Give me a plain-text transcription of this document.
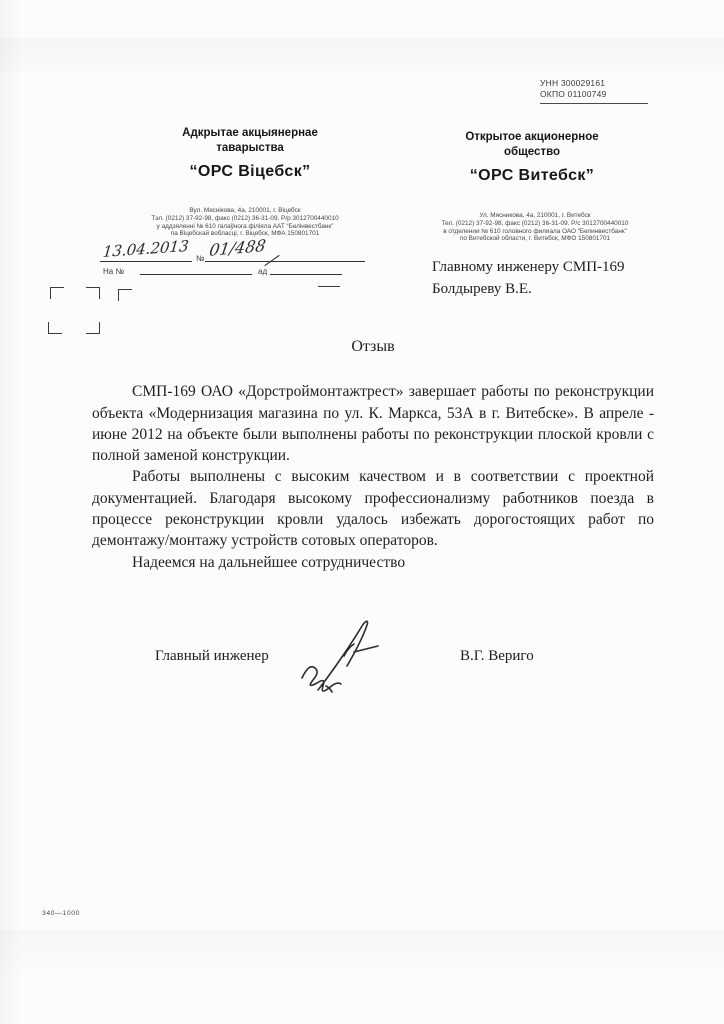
УНН 300029161
ОКПО 01100749
Адкрытае акцыянернае
таварыства
“ОРС Віцебск”
Открытое акционерное
общество
“ОРС Витебск”
Вул. Мяснікова, 4а, 210001, г. Віцебск
Тэл. (0212) 37-92-98, факс (0212) 36-31-09. Р/р 3012700440010
у аддзяленні № 610 галаўнога філіяла ААТ “Белінвестбанк”
па Віцебскай вобласці, г. Віцебск, МФА 150801701
Ул. Мясникова, 4а, 210001, г. Витебск
Тел. (0212) 37-92-98, факс (0212) 36-31-09. Р/с 3012700440010
в отделении № 610 головного филиала ОАО “Белинвестбанк”
по Витебской области, г. Витебск, МФО 150801701
13.04.2013 № 01/488
На №	ад	Главному инженеру СМП-169
Болдыреву В.Е.
Отзыв

СМП-169 ОАО «Дорстроймонтажтрест» завершает работы по реконструкции объекта «Модернизация магазина по ул. К. Маркса, 53А в г. Витебске». В апреле - июне 2012 на объекте были выполнены работы по реконструкции плоской кровли с полной заменой конструкции.

Работы выполнены с высоким качеством и в соответствии с проектной документацией. Благодаря высокому профессионализму работников поезда в процессе реконструкции кровли удалось избежать дорогостоящих работ по демонтажу/монтажу устройств сотовых операторов.

Надеемся на дальнейшее сотрудничество

Главный инженер	В.Г. Вериго
340—1000
